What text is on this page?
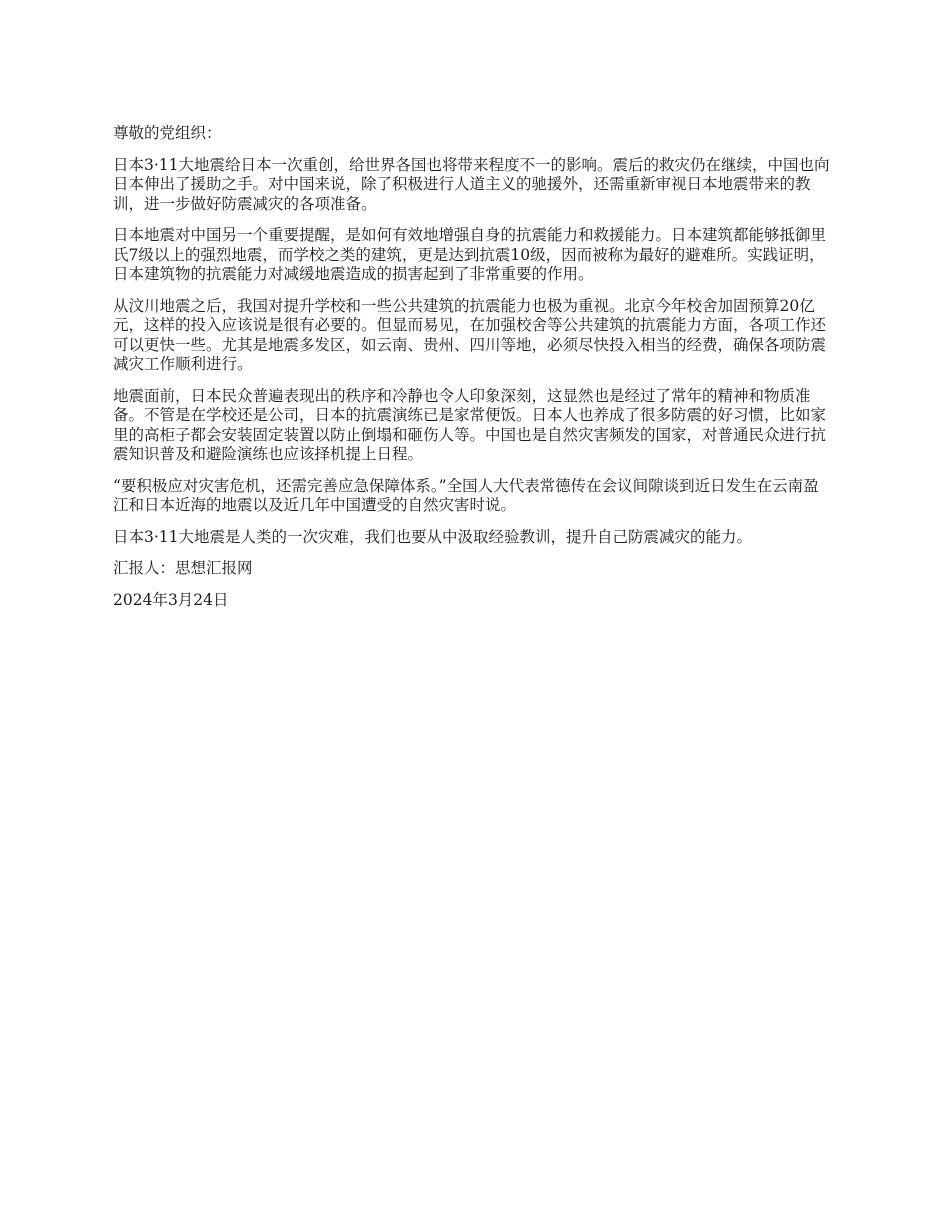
尊敬的党组织：

日本3·11大地震给日本一次重创，给世界各国也将带来程度不一的影响。震后的救灾仍在继续，中国也向日本伸出了援助之手。对中国来说，除了积极进行人道主义的驰援外，还需重新审视日本地震带来的教训，进一步做好防震减灾的各项准备。

日本地震对中国另一个重要提醒，是如何有效地增强自身的抗震能力和救援能力。日本建筑都能够抵御里氏7级以上的强烈地震，而学校之类的建筑，更是达到抗震10级，因而被称为最好的避难所。实践证明，日本建筑物的抗震能力对减缓地震造成的损害起到了非常重要的作用。

从汶川地震之后，我国对提升学校和一些公共建筑的抗震能力也极为重视。北京今年校舍加固预算20亿元，这样的投入应该说是很有必要的。但显而易见，在加强校舍等公共建筑的抗震能力方面，各项工作还可以更快一些。尤其是地震多发区，如云南、贵州、四川等地，必须尽快投入相当的经费，确保各项防震减灾工作顺利进行。

地震面前，日本民众普遍表现出的秩序和冷静也令人印象深刻，这显然也是经过了常年的精神和物质准备。不管是在学校还是公司，日本的抗震演练已是家常便饭。日本人也养成了很多防震的好习惯，比如家里的高柜子都会安装固定装置以防止倒塌和砸伤人等。中国也是自然灾害频发的国家，对普通民众进行抗震知识普及和避险演练也应该择机提上日程。

“要积极应对灾害危机，还需完善应急保障体系。”全国人大代表常德传在会议间隙谈到近日发生在云南盈江和日本近海的地震以及近几年中国遭受的自然灾害时说。

日本3·11大地震是人类的一次灾难，我们也要从中汲取经验教训，提升自己防震减灾的能力。

汇报人：思想汇报网

2024年3月24日
